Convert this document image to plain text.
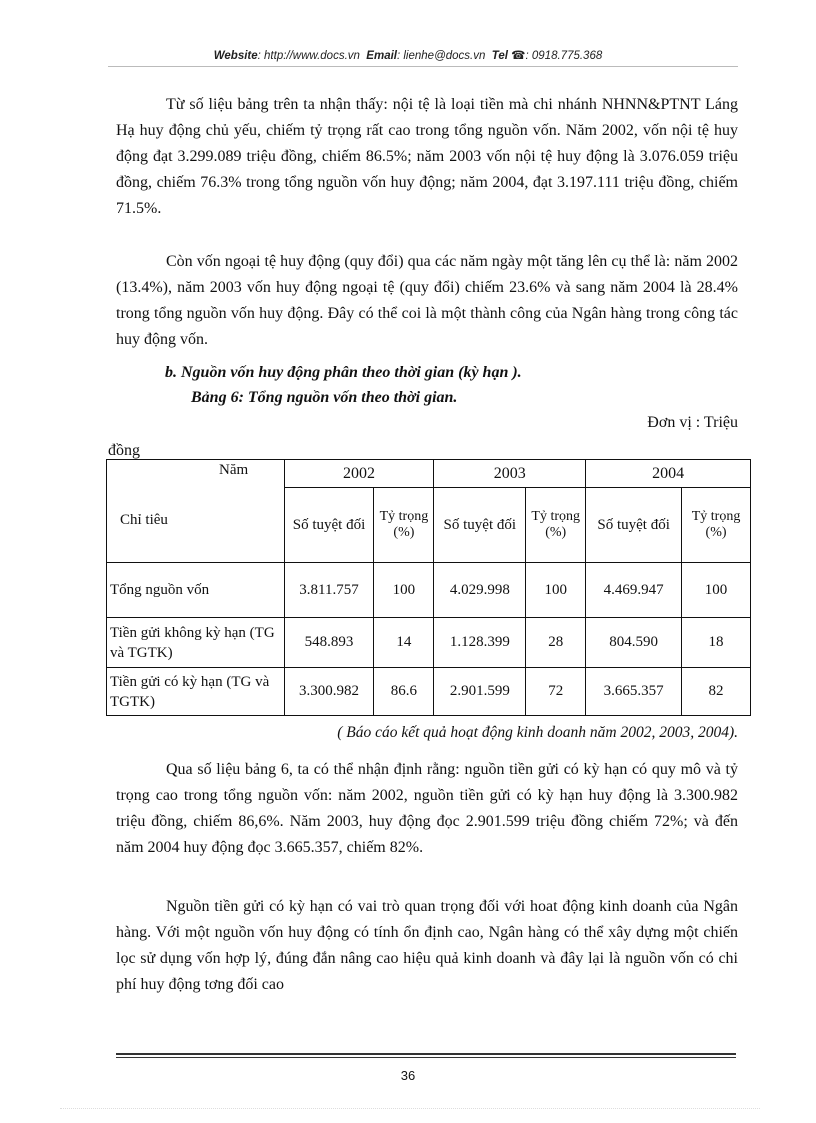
Website: http://www.docs.vn Email: lienhe@docs.vn Tel ☎: 0918.775.368

Từ số liệu bảng trên ta nhận thấy: nội tệ là loại tiền mà chi nhánh NHNN&PTNT Láng Hạ huy động chủ yếu, chiếm tỷ trọng rất cao trong tổng nguồn vốn. Năm 2002, vốn nội tệ huy động đạt 3.299.089 triệu đồng, chiếm 86.5%; năm 2003 vốn nội tệ huy động là 3.076.059 triệu đồng, chiếm 76.3% trong tổng nguồn vốn huy động; năm 2004, đạt 3.197.111 triệu đồng, chiếm 71.5%.

Còn vốn ngoại tệ huy động (quy đổi) qua các năm ngày một tăng lên cụ thể là: năm 2002 (13.4%), năm 2003 vốn huy động ngoại tệ (quy đổi) chiếm 23.6% và sang năm 2004 là 28.4% trong tổng nguồn vốn huy động. Đây có thể coi là một thành công của Ngân hàng trong công tác huy động vốn.

b. Nguồn vốn huy động phân theo thời gian (kỳ hạn ).

Bảng 6: Tổng nguồn vốn theo thời gian.

Đơn vị : Triệu
đồng
Năm
Chỉ tiêu	2002		2003		2004	
	Số tuyệt đối	Tỷ trọng (%)	Số tuyệt đối	Tỷ trọng (%)	Số tuyệt đối	Tỷ trọng (%)
Tổng nguồn vốn	3.811.757	100	4.029.998	100	4.469.947	100
Tiền gửi không kỳ hạn (TG và TGTK)	548.893	14	1.128.399	28	804.590	18
Tiền gửi có kỳ hạn (TG và TGTK)	3.300.982	86.6	2.901.599	72	3.665.357	82
( Báo cáo kết quả hoạt động kinh doanh năm 2002, 2003, 2004).

Qua số liệu bảng 6, ta có thể nhận định rằng: nguồn tiền gửi có kỳ hạn có quy mô và tỷ trọng cao trong tổng nguồn vốn: năm 2002, nguồn tiền gửi có kỳ hạn huy động là 3.300.982 triệu đồng, chiếm 86,6%. Năm 2003, huy động đọc 2.901.599 triệu đồng chiếm 72%; và đến năm 2004 huy động đọc 3.665.357, chiếm 82%.

Nguồn tiền gửi có kỳ hạn có vai trò quan trọng đối với hoat động kinh doanh của Ngân hàng. Với một nguồn vốn huy động có tính ổn định cao, Ngân hàng có thể xây dựng một chiến lọc sử dụng vốn hợp lý, đúng đắn nâng cao hiệu quả kinh doanh và đây lại là nguồn vốn có chi phí huy động tơng đối cao

36
